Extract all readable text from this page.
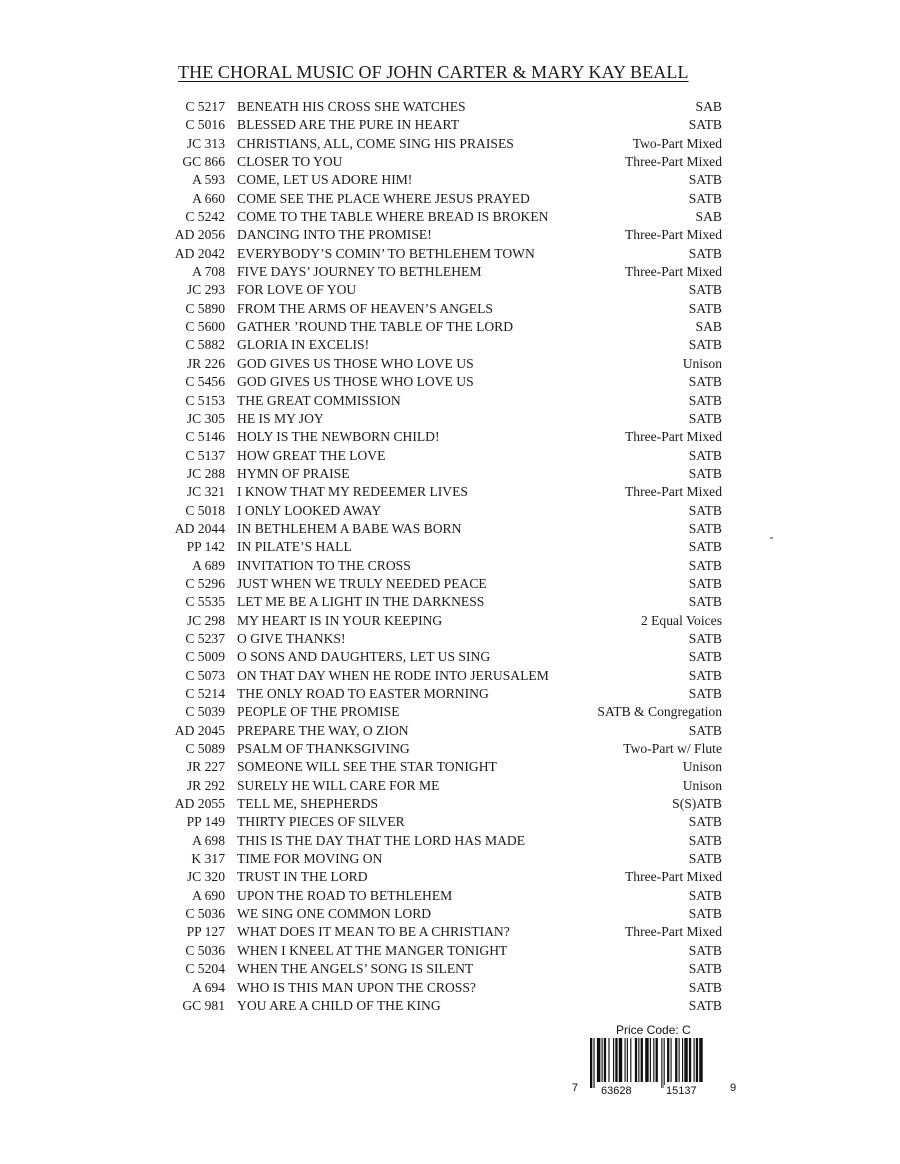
THE CHORAL MUSIC OF JOHN CARTER & MARY KAY BEALL
C 5217 BENEATH HIS CROSS SHE WATCHES	SAB
C 5016 BLESSED ARE THE PURE IN HEART	SATB
JC 313 CHRISTIANS, ALL, COME SING HIS PRAISES	Two-Part Mixed
GC 866 CLOSER TO YOU	Three-Part Mixed
A 593 COME, LET US ADORE HIM!	SATB
A 660 COME SEE THE PLACE WHERE JESUS PRAYED	SATB
C 5242 COME TO THE TABLE WHERE BREAD IS BROKEN	SAB
AD 2056 DANCING INTO THE PROMISE!	Three-Part Mixed
AD 2042 EVERYBODY’S COMIN’ TO BETHLEHEM TOWN	SATB
A 708 FIVE DAYS’ JOURNEY TO BETHLEHEM	Three-Part Mixed
JC 293 FOR LOVE OF YOU	SATB
C 5890 FROM THE ARMS OF HEAVEN’S ANGELS	SATB
C 5600 GATHER ’ROUND THE TABLE OF THE LORD	SAB
C 5882 GLORIA IN EXCELIS!	SATB
JR 226 GOD GIVES US THOSE WHO LOVE US	Unison
C 5456 GOD GIVES US THOSE WHO LOVE US	SATB
C 5153 THE GREAT COMMISSION	SATB
JC 305 HE IS MY JOY	SATB
C 5146 HOLY IS THE NEWBORN CHILD!	Three-Part Mixed
C 5137 HOW GREAT THE LOVE	SATB
JC 288 HYMN OF PRAISE	SATB
JC 321 I KNOW THAT MY REDEEMER LIVES	Three-Part Mixed
C 5018 I ONLY LOOKED AWAY	SATB
AD 2044 IN BETHLEHEM A BABE WAS BORN	SATB
PP 142 IN PILATE’S HALL	SATB
A 689 INVITATION TO THE CROSS	SATB
C 5296 JUST WHEN WE TRULY NEEDED PEACE	SATB
C 5535 LET ME BE A LIGHT IN THE DARKNESS	SATB
JC 298 MY HEART IS IN YOUR KEEPING	2 Equal Voices
C 5237 O GIVE THANKS!	SATB
C 5009 O SONS AND DAUGHTERS, LET US SING	SATB
C 5073 ON THAT DAY WHEN HE RODE INTO JERUSALEM	SATB
C 5214 THE ONLY ROAD TO EASTER MORNING	SATB
C 5039 PEOPLE OF THE PROMISE	SATB & Congregation
AD 2045 PREPARE THE WAY, O ZION	SATB
C 5089 PSALM OF THANKSGIVING	Two-Part w/ Flute
JR 227 SOMEONE WILL SEE THE STAR TONIGHT	Unison
JR 292 SURELY HE WILL CARE FOR ME	Unison
AD 2055 TELL ME, SHEPHERDS	S(S)ATB
PP 149 THIRTY PIECES OF SILVER	SATB
A 698 THIS IS THE DAY THAT THE LORD HAS MADE	SATB
K 317 TIME FOR MOVING ON	SATB
JC 320 TRUST IN THE LORD	Three-Part Mixed
A 690 UPON THE ROAD TO BETHLEHEM	SATB
C 5036 WE SING ONE COMMON LORD	SATB
PP 127 WHAT DOES IT MEAN TO BE A CHRISTIAN?	Three-Part Mixed
C 5036 WHEN I KNEEL AT THE MANGER TONIGHT	SATB
C 5204 WHEN THE ANGELS’ SONG IS SILENT	SATB
A 694 WHO IS THIS MAN UPON THE CROSS?	SATB
GC 981 YOU ARE A CHILD OF THE KING	SATB
Price Code: C
7 63628	15137	9
